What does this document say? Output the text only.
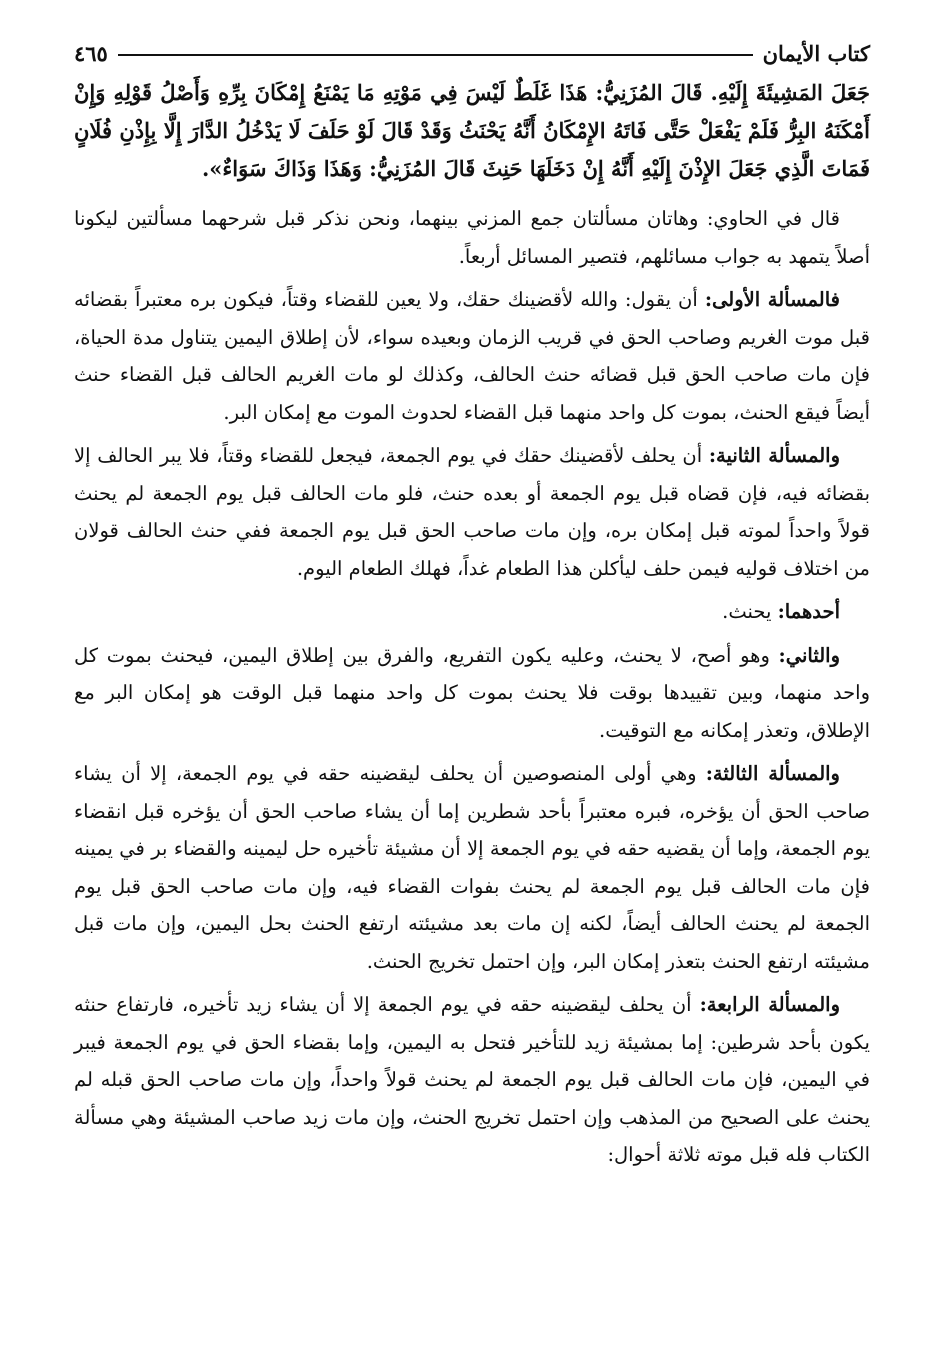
كتاب الأيمان
٤٦٥

جَعَلَ المَشِيئَةَ إِلَيْهِ. قَالَ المُزَنِيُّ: هَذَا غَلَطٌ لَيْسَ فِي مَوْتِهِ مَا يَمْنَعُ إِمْكَانَ بِرِّهِ وَأَصْلُ قَوْلِهِ وَإِنْ أَمْكَنَهُ البِرُّ فَلَمْ يَفْعَلْ حَتَّى فَاتَهُ الإِمْكَانُ أَنَّهُ يَحْنَثُ وَقَدْ قَالَ لَوْ حَلَفَ لَا يَدْخُلُ الدَّارَ إِلَّا بِإِذْنِ فُلَانٍ فَمَاتَ الَّذِي جَعَلَ الإِذْنَ إِلَيْهِ أَنَّهُ إِنْ دَخَلَهَا حَنِثَ قَالَ المُزَنِيُّ: وَهَذَا وَذَاكَ سَوَاءٌ».

قال في الحاوي: وهاتان مسألتان جمع المزني بينهما، ونحن نذكر قبل شرحهما مسألتين ليكونا أصلاً يتمهد به جواب مسائلهم، فتصير المسائل أربعاً.

فالمسألة الأولى: أن يقول: والله لأقضينك حقك، ولا يعين للقضاء وقتاً، فيكون بره معتبراً بقضائه قبل موت الغريم وصاحب الحق في قريب الزمان وبعيده سواء، لأن إطلاق اليمين يتناول مدة الحياة، فإن مات صاحب الحق قبل قضائه حنث الحالف، وكذلك لو مات الغريم الحالف قبل القضاء حنث أيضاً فيقع الحنث، بموت كل واحد منهما قبل القضاء لحدوث الموت مع إمكان البر.

والمسألة الثانية: أن يحلف لأقضينك حقك في يوم الجمعة، فيجعل للقضاء وقتاً، فلا يبر الحالف إلا بقضائه فيه، فإن قضاه قبل يوم الجمعة أو بعده حنث، فلو مات الحالف قبل يوم الجمعة لم يحنث قولاً واحداً لموته قبل إمكان بره، وإن مات صاحب الحق قبل يوم الجمعة ففي حنث الحالف قولان من اختلاف قوليه فيمن حلف ليأكلن هذا الطعام غداً، فهلك الطعام اليوم.

أحدهما: يحنث.

والثاني: وهو أصح، لا يحنث، وعليه يكون التفريع، والفرق بين إطلاق اليمين، فيحنث بموت كل واحد منهما، وبين تقييدها بوقت فلا يحنث بموت كل واحد منهما قبل الوقت هو إمكان البر مع الإطلاق، وتعذر إمكانه مع التوقيت.

والمسألة الثالثة: وهي أولى المنصوصين أن يحلف ليقضينه حقه في يوم الجمعة، إلا أن يشاء صاحب الحق أن يؤخره، فبره معتبراً بأحد شطرين إما أن يشاء صاحب الحق أن يؤخره قبل انقضاء يوم الجمعة، وإما أن يقضيه حقه في يوم الجمعة إلا أن مشيئة تأخيره حل ليمينه والقضاء بر في يمينه فإن مات الحالف قبل يوم الجمعة لم يحنث بفوات القضاء فيه، وإن مات صاحب الحق قبل يوم الجمعة لم يحنث الحالف أيضاً، لكنه إن مات بعد مشيئته ارتفع الحنث بحل اليمين، وإن مات قبل مشيئته ارتفع الحنث بتعذر إمكان البر، وإن احتمل تخريج الحنث.

والمسألة الرابعة: أن يحلف ليقضينه حقه في يوم الجمعة إلا أن يشاء زيد تأخيره، فارتفاع حنثه يكون بأحد شرطين: إما بمشيئة زيد للتأخير فتحل به اليمين، وإما بقضاء الحق في يوم الجمعة فيبر في اليمين، فإن مات الحالف قبل يوم الجمعة لم يحنث قولاً واحداً، وإن مات صاحب الحق قبله لم يحنث على الصحيح من المذهب وإن احتمل تخريج الحنث، وإن مات زيد صاحب المشيئة وهي مسألة الكتاب فله قبل موته ثلاثة أحوال:
